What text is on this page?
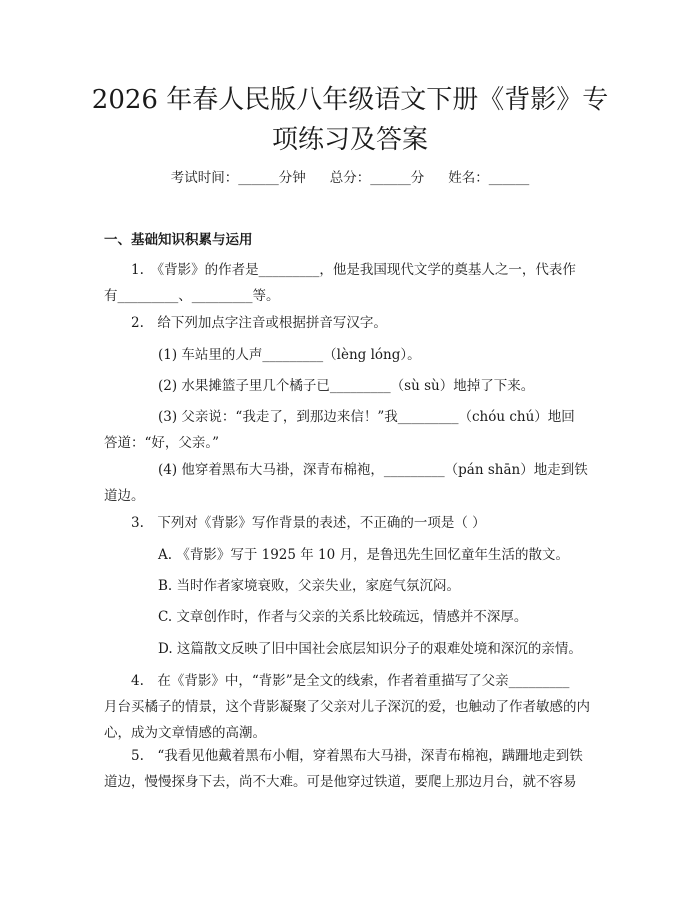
2026 年春人民版八年级语文下册《背影》专
项练习及答案
考试时间：______分钟 总分：______分 姓名：______
一、基础知识积累与运用
1.　《背影》的作者是_________，他是我国现代文学的奠基人之一，代表作
有_________、_________等。
2.　给下列加点字注音或根据拼音写汉字。
(1) 车站里的人声_________（lèng lóng）。
(2) 水果摊篮子里几个橘子已_________（sù sù）地掉了下来。
(3) 父亲说：“我走了，到那边来信！”我_________（chóu chú）地回
答道：“好，父亲。”
(4) 他穿着黑布大马褂，深青布棉袍，_________（pán shān）地走到铁
道边。
3.　下列对《背影》写作背景的表述，不正确的一项是（ ）
A. 《背影》写于 1925 年 10 月，是鲁迅先生回忆童年生活的散文。
B. 当时作者家境衰败，父亲失业，家庭气氛沉闷。
C. 文章创作时，作者与父亲的关系比较疏远，情感并不深厚。
D. 这篇散文反映了旧中国社会底层知识分子的艰难处境和深沉的亲情。
4.　在《背影》中，“背影”是全文的线索，作者着重描写了父亲_________
月台买橘子的情景，这个背影凝聚了父亲对儿子深沉的爱，也触动了作者敏感的内
心，成为文章情感的高潮。
5.　“我看见他戴着黑布小帽，穿着黑布大马褂，深青布棉袍，蹒跚地走到铁
道边，慢慢探身下去，尚不大难。可是他穿过铁道，要爬上那边月台，就不容易
